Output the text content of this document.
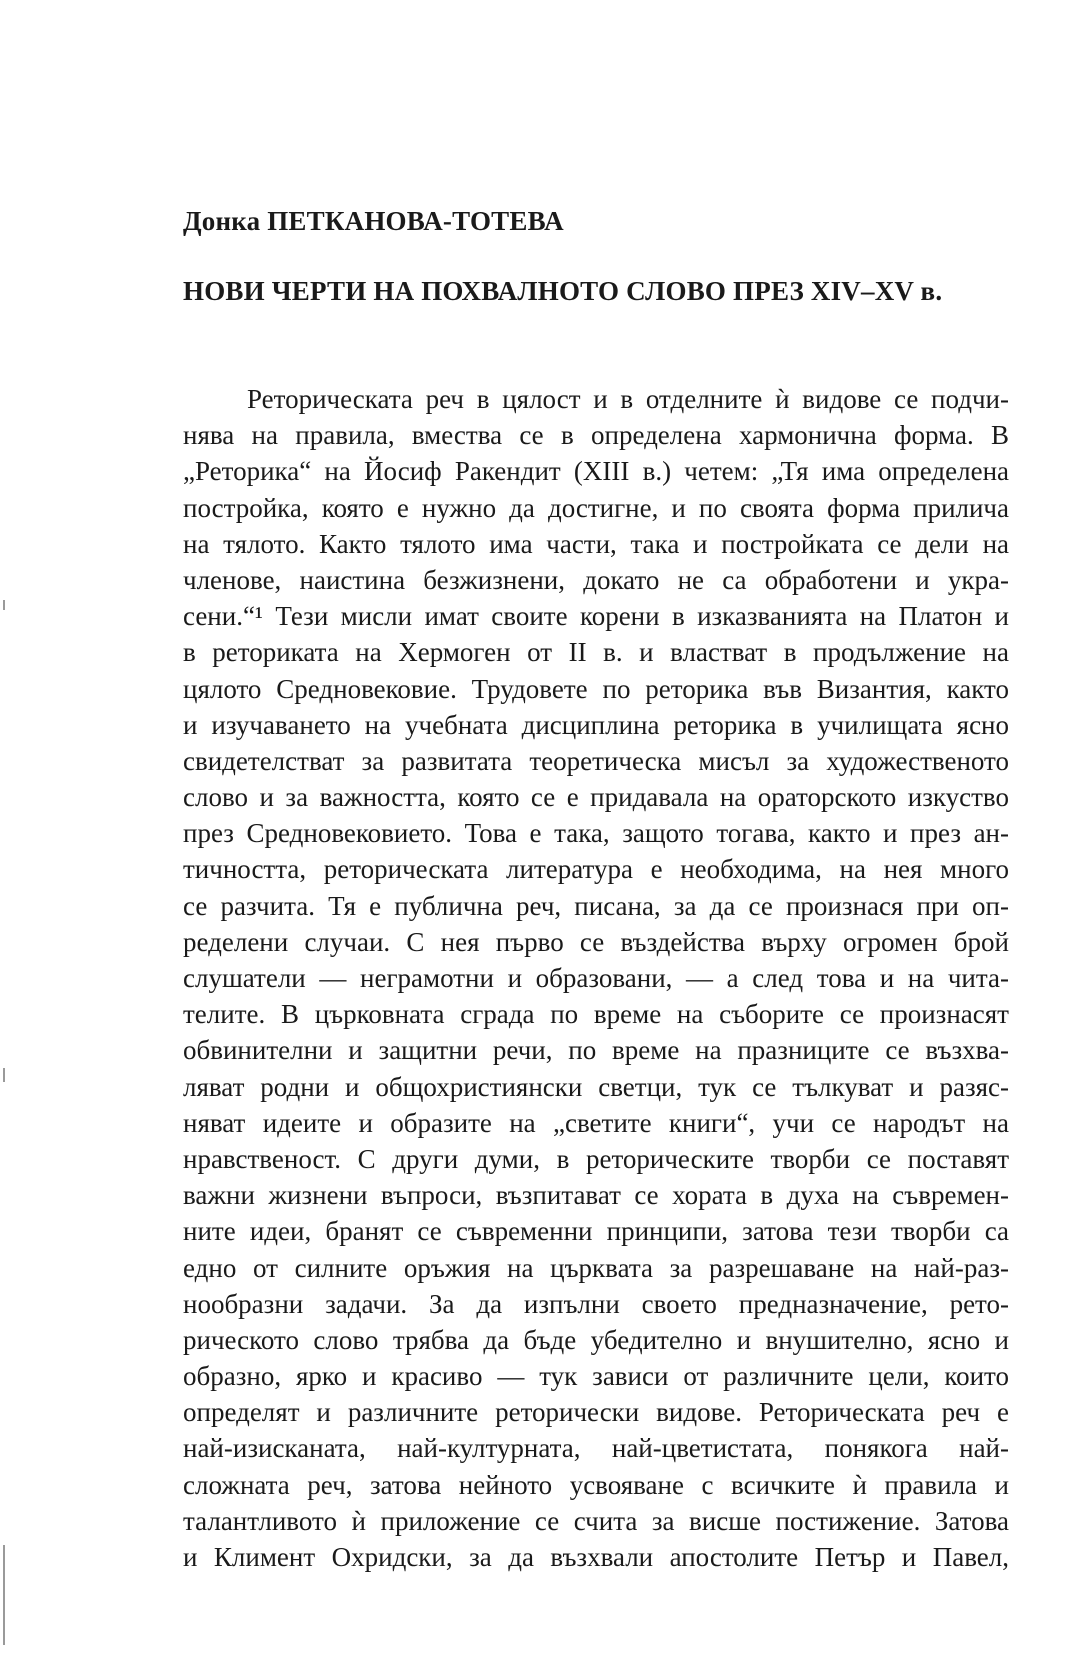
Донка ПЕТКАНОВА-ТОТЕВА
НОВИ ЧЕРТИ НА ПОХВАЛНОТО СЛОВО ПРЕЗ XIV–XV в.
Реторическата реч в цялост и в отделните ѝ видове се подчи-
нява на правила, вмества се в определена хармонична форма. В
„Реторика“ на Йосиф Ракендит (XIII в.) четем: „Тя има определена
постройка, която е нужно да достигне, и по своята форма прилича
на тялото. Както тялото има части, така и постройката се дели на
членове, наистина безжизнени, докато не са обработени и укра-
сени.“¹ Тези мисли имат своите корени в изказванията на Платон и
в реториката на Хермоген от II в. и властват в продължение на
цялото Средновековие. Трудовете по реторика във Византия, както
и изучаването на учебната дисциплина реторика в училищата ясно
свидетелстват за развитата теоретическа мисъл за художественото
слово и за важността, която се е придавала на ораторското изкуство
през Средновековието. Това е така, защото тогава, както и през ан-
тичността, реторическата литература е необходима, на нея много
се разчита. Тя е публична реч, писана, за да се произнася при оп-
ределени случаи. С нея първо се въздейства върху огромен брой
слушатели — неграмотни и образовани, — а след това и на чита-
телите. В църковната сграда по време на съборите се произнасят
обвинителни и защитни речи, по време на празниците се възхва-
ляват родни и общохристиянски светци, тук се тълкуват и разяс-
няват идеите и образите на „светите книги“, учи се народът на
нравственост. С други думи, в реторическите творби се поставят
важни жизнени въпроси, възпитават се хората в духа на съвремен-
ните идеи, бранят се съвременни принципи, затова тези творби са
едно от силните оръжия на църквата за разрешаване на най-раз-
нообразни задачи. За да изпълни своето предназначение, рето-
рическото слово трябва да бъде убедително и внушително, ясно и
образно, ярко и красиво — тук зависи от различните цели, които
определят и различните реторически видове. Реторическата реч е
най-изисканата, най-културната, най-цветистата, понякога най-
сложната реч, затова нейното усвояване с всичките ѝ правила и
талантливото ѝ приложение се счита за висше постижение. Затова
и Климент Охридски, за да възхвали апостолите Петър и Павел,
